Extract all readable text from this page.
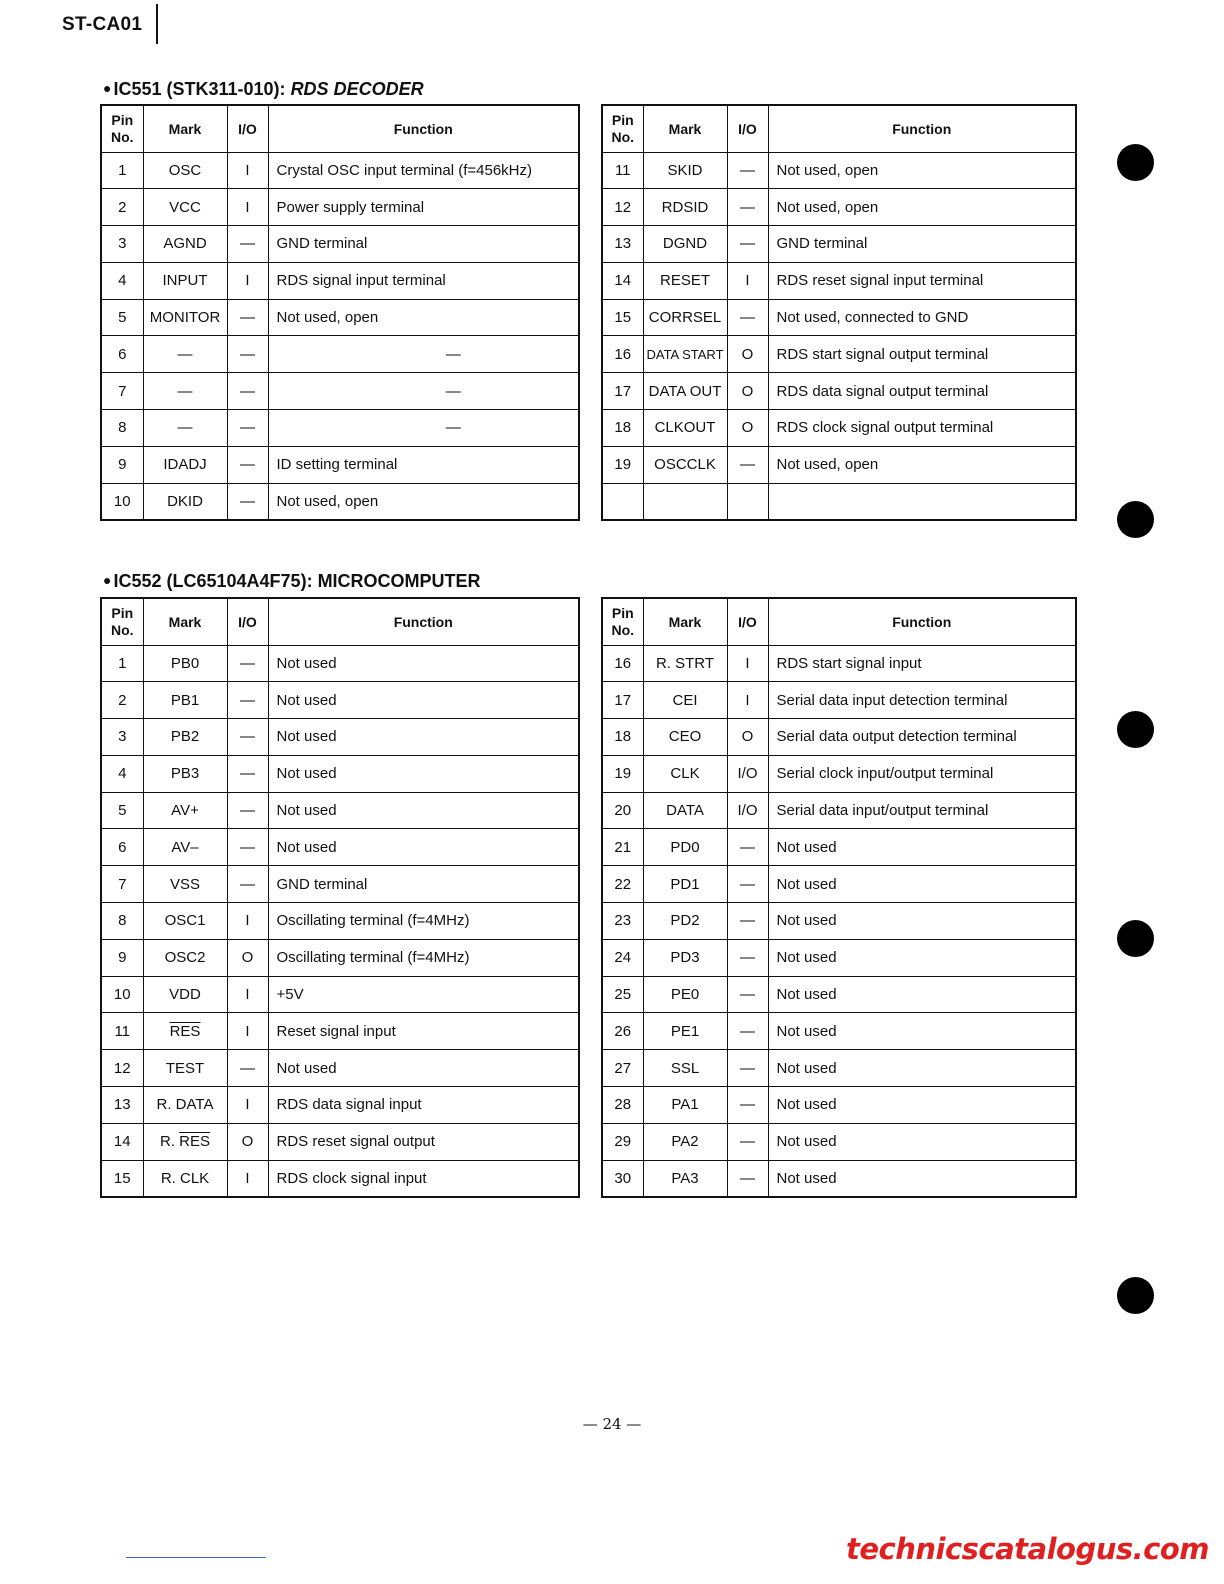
ST-CA01
● IC551 (STK311-010): RDS DECODER
Pin
No.	Mark	I/O	Function
1	OSC	I	Crystal OSC input terminal (f=456kHz)
2	VCC	I	Power supply terminal
3	AGND	—	GND terminal
4	INPUT	I	RDS signal input terminal
5	MONITOR	—	Not used, open
6	—	—	—
7	—	—	—
8	—	—	—
9	IDADJ	—	ID setting terminal
10	DKID	—	Not used, open
Pin
No.	Mark	I/O	Function
11	SKID	—	Not used, open
12	RDSID	—	Not used, open
13	DGND	—	GND terminal
14	RESET	I	RDS reset signal input terminal
15	CORRSEL	—	Not used, connected to GND
16	DATA START	O	RDS start signal output terminal
17	DATA OUT	O	RDS data signal output terminal
18	CLKOUT	O	RDS clock signal output terminal
19	OSCCLK	—	Not used, open

● IC552 (LC65104A4F75): MICROCOMPUTER
Pin
No.	Mark	I/O	Function
1	PB0	—	Not used
2	PB1	—	Not used
3	PB2	—	Not used
4	PB3	—	Not used
5	AV+	—	Not used
6	AV–	—	Not used
7	VSS	—	GND terminal
8	OSC1	I	Oscillating terminal (f=4MHz)
9	OSC2	O	Oscillating terminal (f=4MHz)
10	VDD	I	+5V
11	$\overline{RES}$	I	Reset signal input
12	TEST	—	Not used
13	R. DATA	I	RDS data signal input
14	R. $\overline{RES}$	O	RDS reset signal output
15	R. CLK	I	RDS clock signal input
Pin
No.	Mark	I/O	Function
16	R. STRT	I	RDS start signal input
17	CEI	I	Serial data input detection terminal
18	CEO	O	Serial data output detection terminal
19	CLK	I/O	Serial clock input/output terminal
20	DATA	I/O	Serial data input/output terminal
21	PD0	—	Not used
22	PD1	—	Not used
23	PD2	—	Not used
24	PD3	—	Not used
25	PE0	—	Not used
26	PE1	—	Not used
27	SSL	—	Not used
28	PA1	—	Not used
29	PA2	—	Not used
30	PA3	—	Not used
— 24 —
technicscatalogus.com
